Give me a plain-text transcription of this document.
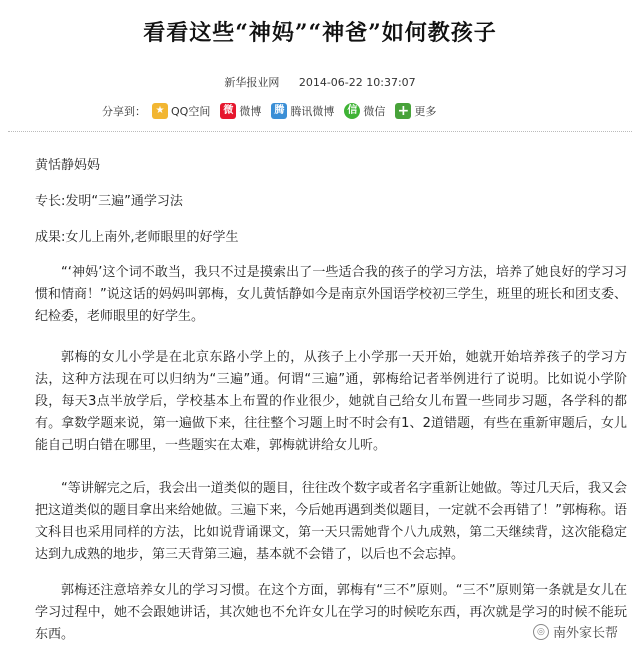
看看这些“神妈”“神爸”如何教孩子
新华报业网 2014-06-22 10:37:07
分享到： ★ QQ空间	微 微博	腾 腾讯微博	信 微信 + 更多
黄恬静妈妈
专长:发明“三遍”通学习法
成果:女儿上南外,老师眼里的好学生

“‘神妈’这个词不敢当，我只不过是摸索出了一些适合我的孩子的学习方法，培养了她良好的学习习惯和情商！”说这话的妈妈叫郭梅，女儿黄恬静如今是南京外国语学校初三学生，班里的班长和团支委、纪检委，老师眼里的好学生。

郭梅的女儿小学是在北京东路小学上的，从孩子上小学那一天开始，她就开始培养孩子的学习方法，这种方法现在可以归纳为“三遍”通。何谓“三遍”通，郭梅给记者举例进行了说明。比如说小学阶段，每天3点半放学后，学校基本上布置的作业很少，她就自己给女儿布置一些同步习题，各学科的都有。拿数学题来说，第一遍做下来，往往整个习题上时不时会有1、2道错题，有些在重新审题后，女儿能自己明白错在哪里，一些题实在太难，郭梅就讲给女儿听。

“等讲解完之后，我会出一道类似的题目，往往改个数字或者名字重新让她做。等过几天后，我又会把这道类似的题目拿出来给她做。三遍下来，今后她再遇到类似题目，一定就不会再错了！”郭梅称。语文科目也采用同样的方法，比如说背诵课文，第一天只需她背个八九成熟，第二天继续背，这次能稳定达到九成熟的地步，第三天背第三遍，基本就不会错了，以后也不会忘掉。

郭梅还注意培养女儿的学习习惯。在这个方面，郭梅有“三不”原则。“三不”原则第一条就是女儿在学习过程中，她不会跟她讲话，其次她也不允许女儿在学习的时候吃东西，再次就是学习的时候不能玩东西。	◎ 南外家长帮
